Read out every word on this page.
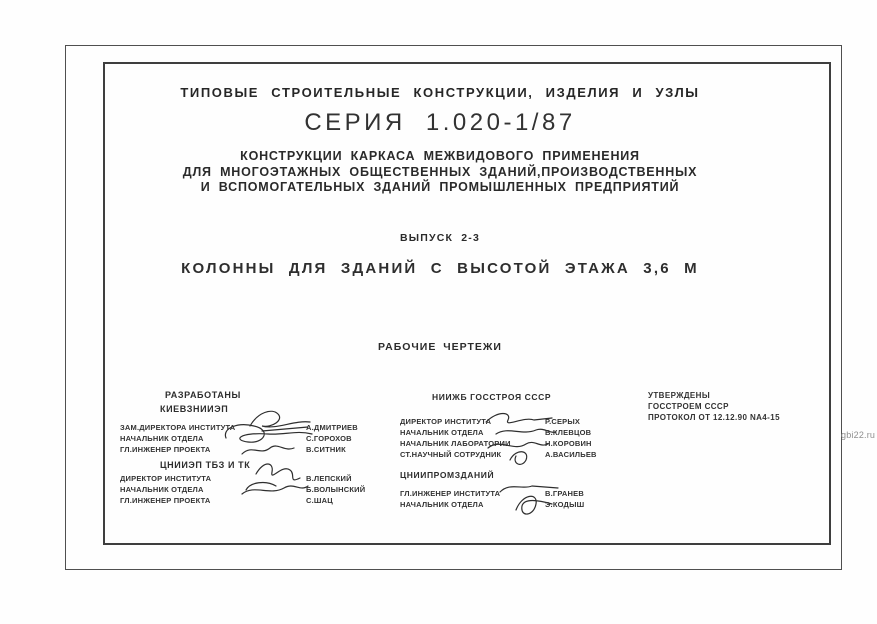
ТИПОВЫЕ СТРОИТЕЛЬНЫЕ КОНСТРУКЦИИ, ИЗДЕЛИЯ И УЗЛЫ
СЕРИЯ 1.020-1/87
КОНСТРУКЦИИ КАРКАСА МЕЖВИДОВОГО ПРИМЕНЕНИЯ
ДЛЯ МНОГОЭТАЖНЫХ ОБЩЕСТВЕННЫХ ЗДАНИЙ,ПРОИЗВОДСТВЕННЫХ
И ВСПОМОГАТЕЛЬНЫХ ЗДАНИЙ ПРОМЫШЛЕННЫХ ПРЕДПРИЯТИЙ
ВЫПУСК 2-3
КОЛОННЫ ДЛЯ ЗДАНИЙ С ВЫСОТОЙ ЭТАЖА 3,6 М
РАБОЧИЕ ЧЕРТЕЖИ
РАЗРАБОТАНЫ
КИЕВЗНИИЭП
ЗАМ.ДИРЕКТОРА ИНСТИТУТА	А.ДМИТРИЕВ
НАЧАЛЬНИК ОТДЕЛА	С.ГОРОХОВ
ГЛ.ИНЖЕНЕР ПРОЕКТА	В.СИТНИК
ЦНИИЭП ТБЗ И ТК
ДИРЕКТОР ИНСТИТУТА	В.ЛЕПСКИЙ
НАЧАЛЬНИК ОТДЕЛА	Б.ВОЛЫНСКИЙ
ГЛ.ИНЖЕНЕР ПРОЕКТА	С.ШАЦ
НИИЖБ ГОССТРОЯ СССР
ДИРЕКТОР ИНСТИТУТА	Р.СЕРЫХ
НАЧАЛЬНИК ОТДЕЛА	В.КЛЕВЦОВ
НАЧАЛЬНИК ЛАБОРАТОРИИ	Н.КОРОВИН
СТ.НАУЧНЫЙ СОТРУДНИК	А.ВАСИЛЬЕВ
ЦНИИПРОМЗДАНИЙ
ГЛ.ИНЖЕНЕР ИНСТИТУТА	В.ГРАНЕВ
НАЧАЛЬНИК ОТДЕЛА	Э.КОДЫШ
УТВЕРЖДЕНЫ
ГОССТРОЕМ СССР
ПРОТОКОЛ ОТ 12.12.90 NА4-15
gbi22.ru
